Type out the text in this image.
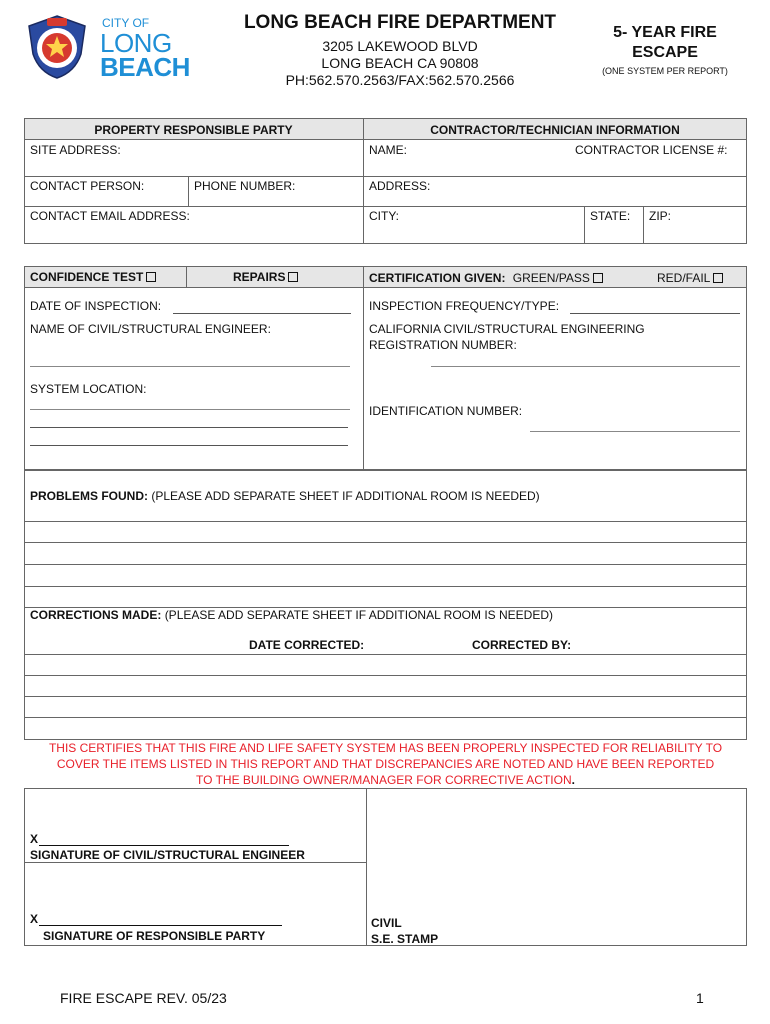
CITY OF
LONG
BEACH
LONG BEACH FIRE DEPARTMENT
3205 LAKEWOOD BLVD
LONG BEACH CA 90808
PH:562.570.2563/FAX:562.570.2566
5- YEAR FIRE
ESCAPE
(ONE SYSTEM PER REPORT)
PROPERTY RESPONSIBLE PARTY	CONTRACTOR/TECHNICIAN INFORMATION
SITE ADDRESS:	NAME:	CONTRACTOR LICENSE #:
CONTACT PERSON:	PHONE NUMBER:	ADDRESS:
CONTACT EMAIL ADDRESS:	CITY:	STATE: ZIP:
CONFIDENCE TEST	REPAIRS	CERTIFICATION GIVEN: GREEN/PASS	RED/FAIL
DATE OF INSPECTION:	INSPECTION FREQUENCY/TYPE:
NAME OF CIVIL/STRUCTURAL ENGINEER:	CALIFORNIA CIVIL/STRUCTURAL ENGINEERING
REGISTRATION NUMBER:
SYSTEM LOCATION:
IDENTIFICATION NUMBER:
PROBLEMS FOUND: (PLEASE ADD SEPARATE SHEET IF ADDITIONAL ROOM IS NEEDED)
CORRECTIONS MADE: (PLEASE ADD SEPARATE SHEET IF ADDITIONAL ROOM IS NEEDED)
DATE CORRECTED:	CORRECTED BY:
THIS CERTIFIES THAT THIS FIRE AND LIFE SAFETY SYSTEM HAS BEEN PROPERLY INSPECTED FOR RELIABILITY TO
COVER THE ITEMS LISTED IN THIS REPORT AND THAT DISCREPANCIES ARE NOTED AND HAVE BEEN REPORTED
TO THE BUILDING OWNER/MANAGER FOR CORRECTIVE ACTION.
X
SIGNATURE OF CIVIL/STRUCTURAL ENGINEER
X
SIGNATURE OF RESPONSIBLE PARTY
CIVIL
S.E. STAMP
FIRE ESCAPE REV. 05/23	1
